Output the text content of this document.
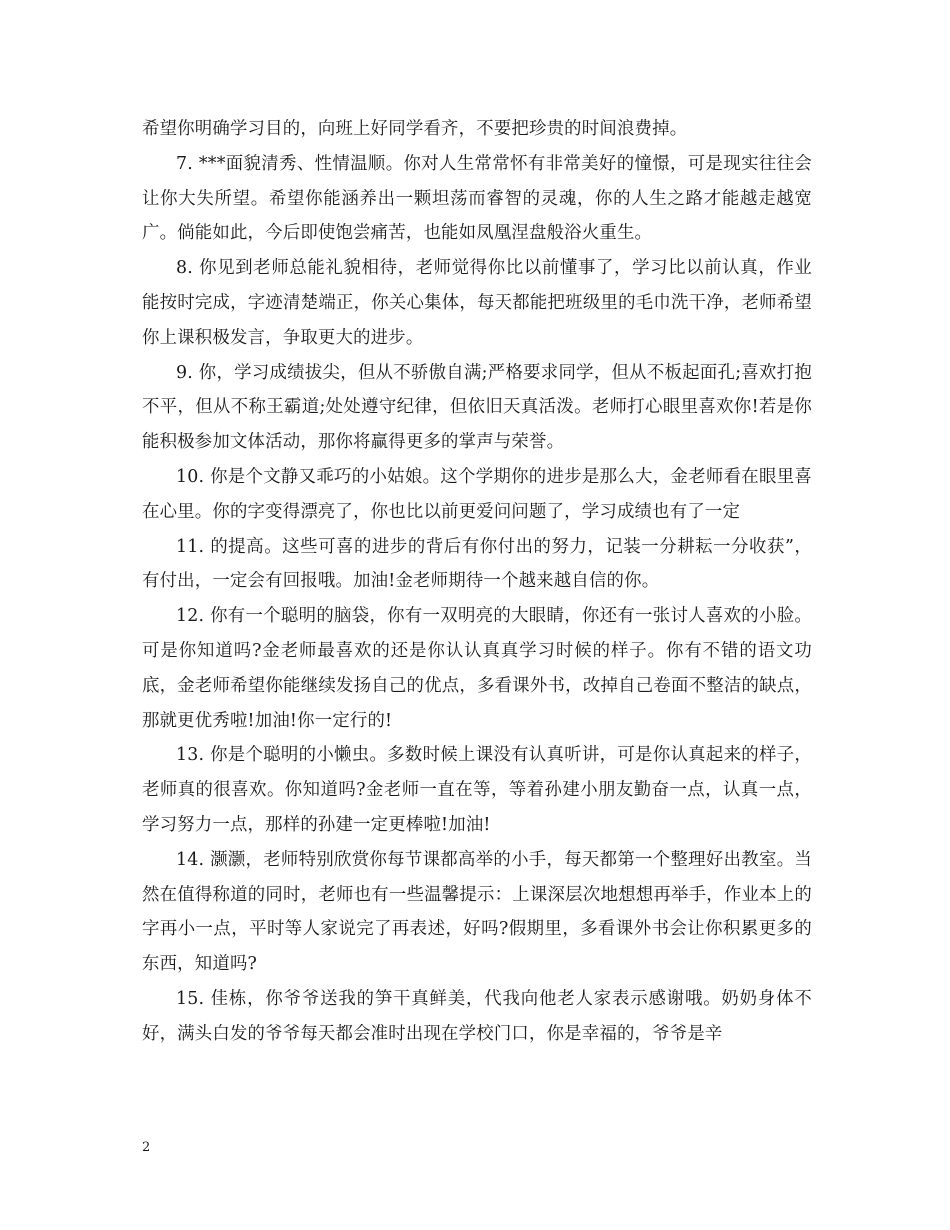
希望你明确学习目的，向班上好同学看齐，不要把珍贵的时间浪费掉。

7. ***面貌清秀、性情温顺。你对人生常常怀有非常美好的憧憬，可是现实往往会让你大失所望。希望你能涵养出一颗坦荡而睿智的灵魂，你的人生之路才能越走越宽广。倘能如此，今后即使饱尝痛苦，也能如凤凰涅盘般浴火重生。

8. 你见到老师总能礼貌相待，老师觉得你比以前懂事了，学习比以前认真，作业能按时完成，字迹清楚端正，你关心集体，每天都能把班级里的毛巾洗干净，老师希望你上课积极发言，争取更大的进步。

9. 你，学习成绩拔尖，但从不骄傲自满;严格要求同学，但从不板起面孔;喜欢打抱不平，但从不称王霸道;处处遵守纪律，但依旧天真活泼。老师打心眼里喜欢你!若是你能积极参加文体活动，那你将赢得更多的掌声与荣誉。

10. 你是个文静又乖巧的小姑娘。这个学期你的进步是那么大，金老师看在眼里喜在心里。你的字变得漂亮了，你也比以前更爱问问题了，学习成绩也有了一定

11. 的提高。这些可喜的进步的背后有你付出的努力，记装一分耕耘一分收获”，有付出，一定会有回报哦。加油!金老师期待一个越来越自信的你。

12. 你有一个聪明的脑袋，你有一双明亮的大眼睛，你还有一张讨人喜欢的小脸。可是你知道吗?金老师最喜欢的还是你认认真真学习时候的样子。你有不错的语文功底，金老师希望你能继续发扬自己的优点，多看课外书，改掉自己卷面不整洁的缺点，那就更优秀啦!加油!你一定行的!

13. 你是个聪明的小懒虫。多数时候上课没有认真听讲，可是你认真起来的样子，老师真的很喜欢。你知道吗?金老师一直在等，等着孙建小朋友勤奋一点，认真一点，学习努力一点，那样的孙建一定更棒啦!加油!

14. 灏灏，老师特别欣赏你每节课都高举的小手，每天都第一个整理好出教室。当然在值得称道的同时，老师也有一些温馨提示：上课深层次地想想再举手，作业本上的字再小一点，平时等人家说完了再表述，好吗?假期里，多看课外书会让你积累更多的东西，知道吗?

15. 佳栋，你爷爷送我的笋干真鲜美，代我向他老人家表示感谢哦。奶奶身体不好，满头白发的爷爷每天都会准时出现在学校门口，你是幸福的，爷爷是辛

2
